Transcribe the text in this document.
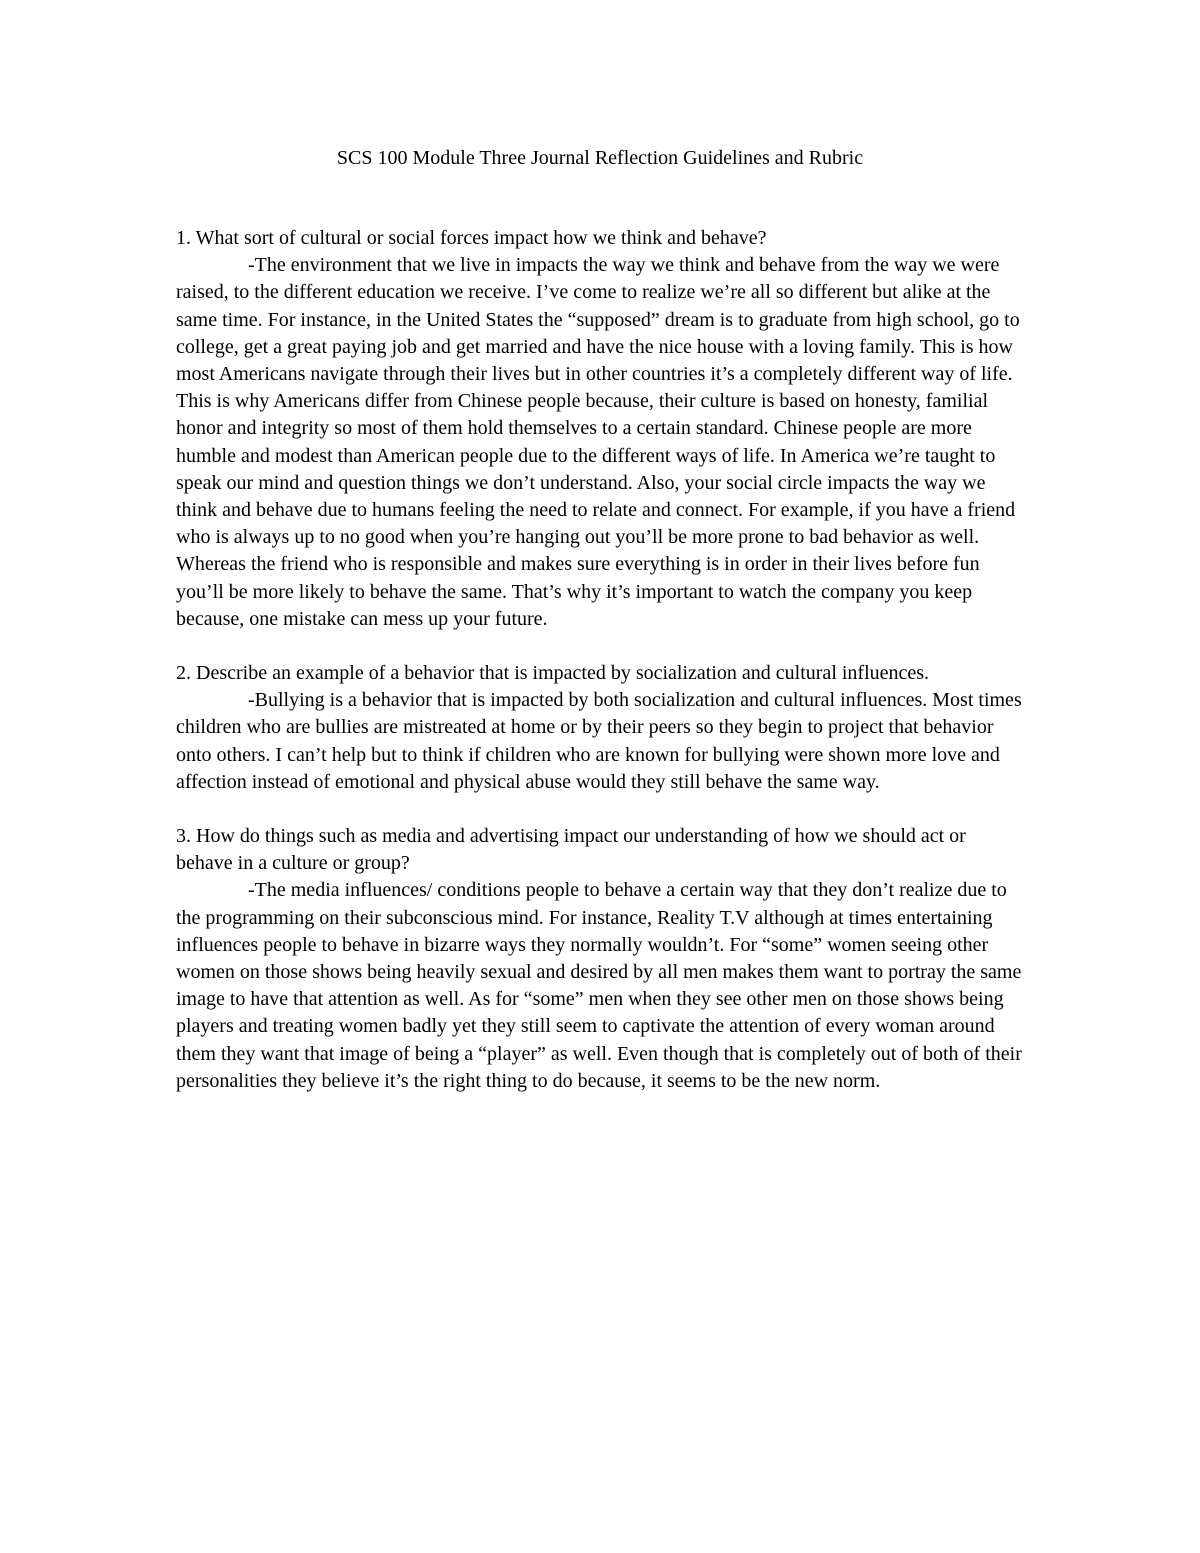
SCS 100 Module Three Journal Reflection Guidelines and Rubric

1. What sort of cultural or social forces impact how we think and behave?

-The environment that we live in impacts the way we think and behave from the way we were raised, to the different education we receive. I’ve come to realize we’re all so different but alike at the same time. For instance, in the United States the “supposed” dream is to graduate from high school, go to college, get a great paying job and get married and have the nice house with a loving family. This is how most Americans navigate through their lives but in other countries it’s a completely different way of life. This is why Americans differ from Chinese people because, their culture is based on honesty, familial honor and integrity so most of them hold themselves to a certain standard. Chinese people are more humble and modest than American people due to the different ways of life. In America we’re taught to speak our mind and question things we don’t understand. Also, your social circle impacts the way we think and behave due to humans feeling the need to relate and connect. For example, if you have a friend who is always up to no good when you’re hanging out you’ll be more prone to bad behavior as well. Whereas the friend who is responsible and makes sure everything is in order in their lives before fun you’ll be more likely to behave the same. That’s why it’s important to watch the company you keep because, one mistake can mess up your future.

2. Describe an example of a behavior that is impacted by socialization and cultural influences.

-Bullying is a behavior that is impacted by both socialization and cultural influences. Most times children who are bullies are mistreated at home or by their peers so they begin to project that behavior onto others. I can’t help but to think if children who are known for bullying were shown more love and affection instead of emotional and physical abuse would they still behave the same way.

3. How do things such as media and advertising impact our understanding of how we should act or behave in a culture or group?

-The media influences/ conditions people to behave a certain way that they don’t realize due to the programming on their subconscious mind. For instance, Reality T.V although at times entertaining influences people to behave in bizarre ways they normally wouldn’t. For “some” women seeing other women on those shows being heavily sexual and desired by all men makes them want to portray the same image to have that attention as well. As for “some” men when they see other men on those shows being players and treating women badly yet they still seem to captivate the attention of every woman around them they want that image of being a “player” as well. Even though that is completely out of both of their personalities they believe it’s the right thing to do because, it seems to be the new norm.
